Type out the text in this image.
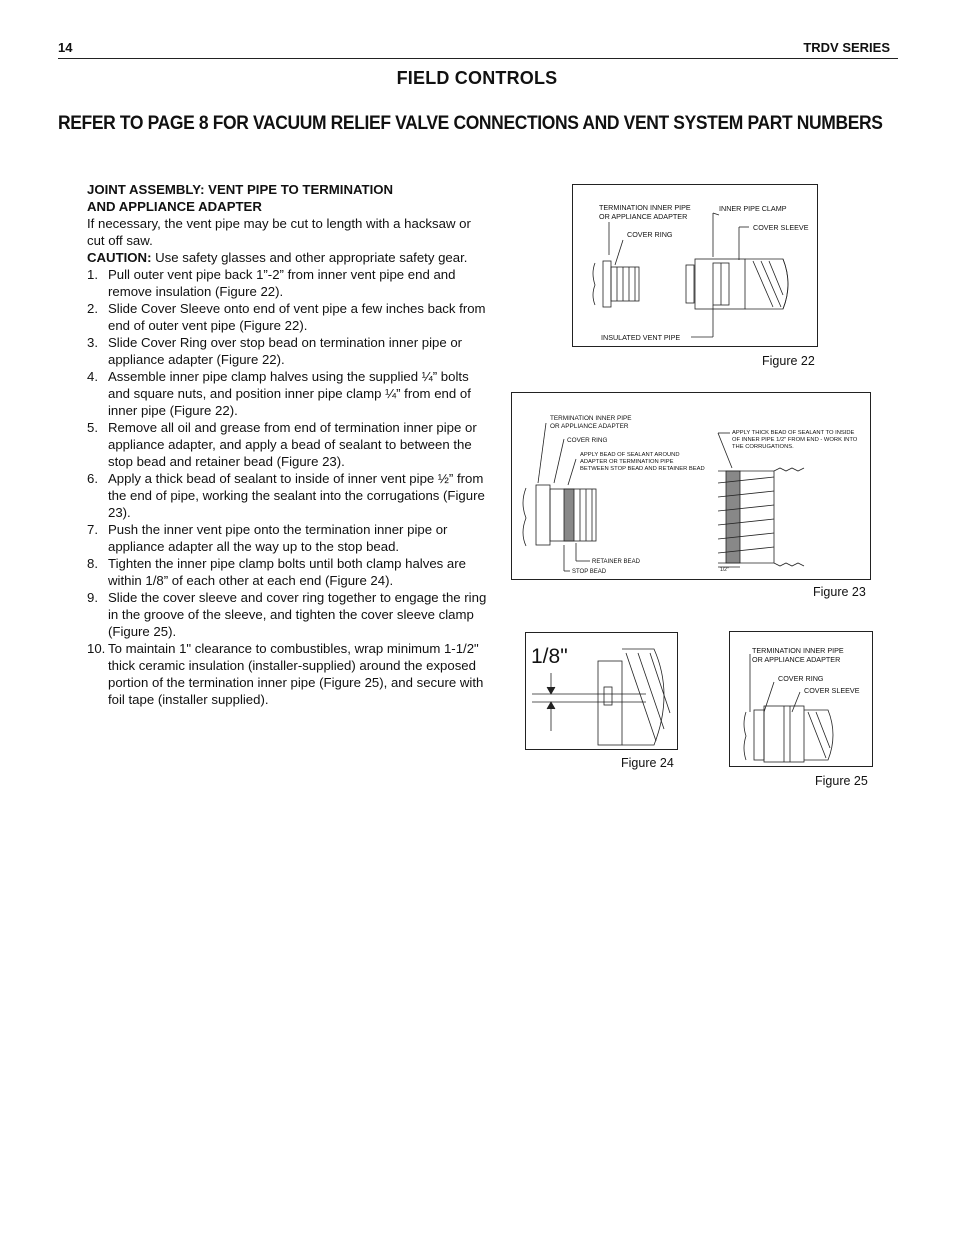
14	TRDV SERIES
FIELD CONTROLS
REFER TO PAGE 8 FOR VACUUM RELIEF VALVE CONNECTIONS AND VENT SYSTEM PART NUMBERS
JOINT ASSEMBLY: VENT PIPE TO TERMINATION
AND APPLIANCE ADAPTER

If necessary, the vent pipe may be cut to length with a hacksaw or cut off saw.

CAUTION: Use safety glasses and other appropriate safety gear.
1. Pull outer vent pipe back 1”-2” from inner vent pipe end and remove insulation (Figure 22).
2. Slide Cover Sleeve onto end of vent pipe a few inches back from end of outer vent pipe (Figure 22).
3. Slide Cover Ring over stop bead on termination inner pipe or appliance adapter (Figure 22).
4. Assemble inner pipe clamp halves using the supplied ¼” bolts and square nuts, and position inner pipe clamp ¼” from end of inner pipe (Figure 22).
5. Remove all oil and grease from end of termination inner pipe or appliance adapter, and apply a bead of sealant to between the stop bead and retainer bead (Figure 23).
6. Apply a thick bead of sealant to inside of inner vent pipe ½” from the end of pipe, working the sealant into the corrugations (Figure 23).
7. Push the inner vent pipe onto the termination inner pipe or appliance adapter all the way up to the stop bead.
8. Tighten the inner pipe clamp bolts until both clamp halves are within 1/8” of each other at each end (Figure 24).
9. Slide the cover sleeve and cover ring together to engage the ring in the groove of the sleeve, and tighten the cover sleeve clamp (Figure 25).
10. To maintain 1" clearance to combustibles, wrap minimum 1-1/2" thick ceramic insulation (installer-supplied) around the exposed portion of the termination inner pipe (Figure 25), and secure with foil tape (installer supplied).
TERMINATION INNER PIPE
OR APPLIANCE ADAPTER
INNER PIPE CLAMP
COVER RING
COVER SLEEVE
INSULATED VENT PIPE
Figure 22
TERMINATION INNER PIPE
OR APPLIANCE ADAPTER
COVER RING
APPLY BEAD OF SEALANT AROUND
ADAPTER OR TERMINATION PIPE
BETWEEN STOP BEAD AND RETAINER BEAD
APPLY THICK BEAD OF SEALANT TO INSIDE
OF INNER PIPE 1/2" FROM END - WORK INTO
THE CORRUGATIONS.
RETAINER BEAD
STOP BEAD	1/2"
Figure 23
1/8"
Figure 24
TERMINATION INNER PIPE
OR APPLIANCE ADAPTER
COVER RING
COVER SLEEVE
Figure 25
